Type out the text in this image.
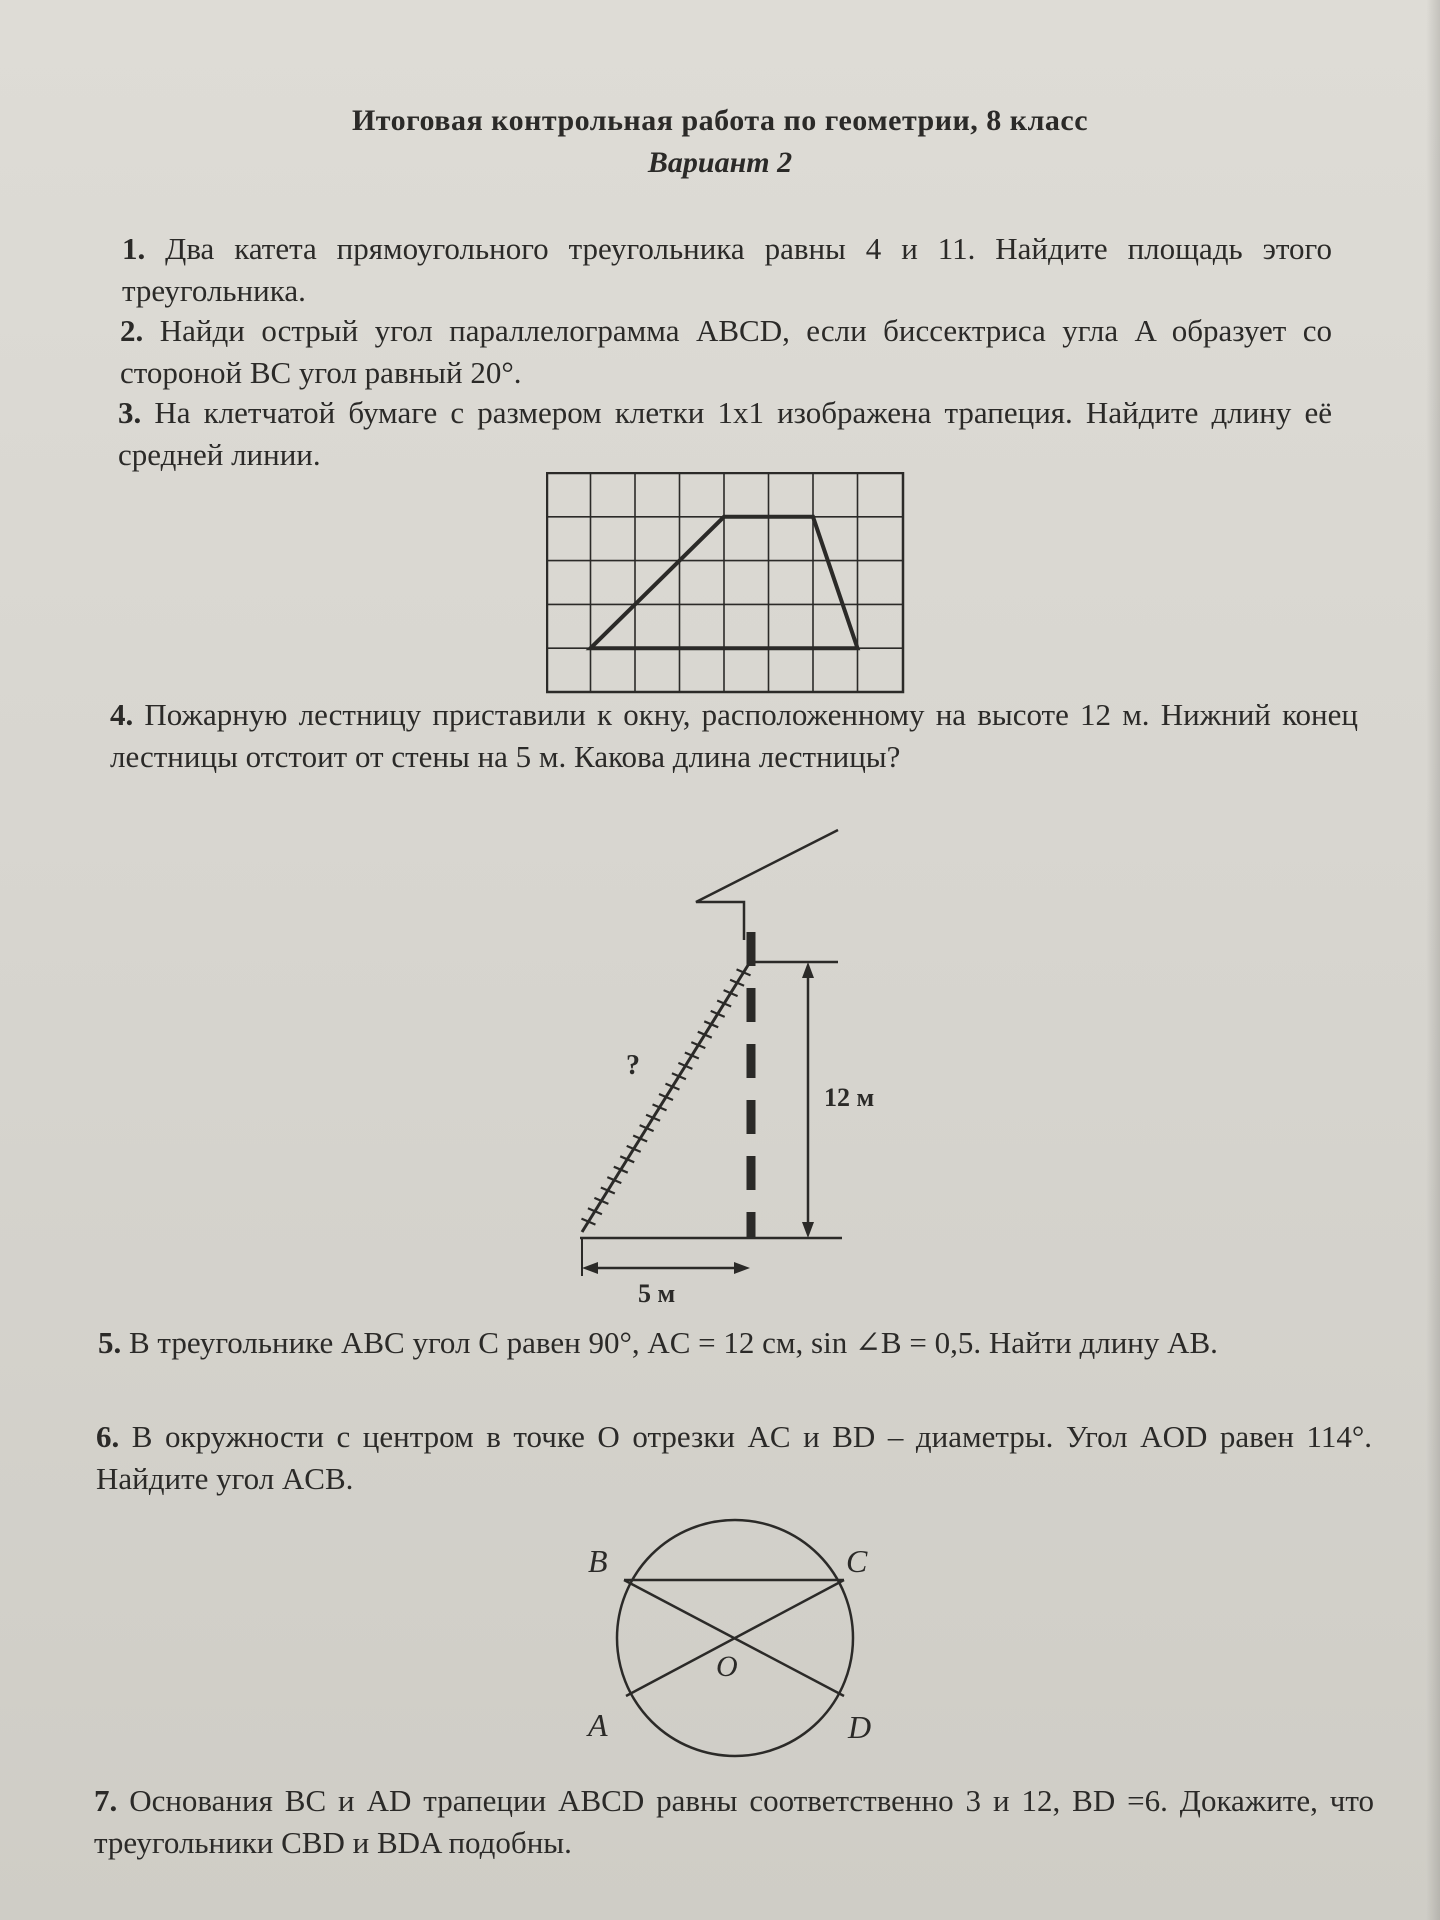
Итоговая контрольная работа по геометрии, 8 класс
Вариант 2

1. Два катета прямоугольного треугольника равны 4 и 11. Найдите площадь этого треугольника.

2. Найди острый угол параллелограмма ABCD, если биссектриса угла A образует со стороной BC угол равный 20°.

3. На клетчатой бумаге с размером клетки 1x1 изображена трапеция. Найдите длину её средней линии.

4. Пожарную лестницу приставили к окну, расположенному на высоте 12 м. Нижний конец лестницы отстоит от стены на 5 м. Какова длина лестницы?

12 м
5 м
?

5. В треугольнике ABC угол C равен 90°, AC = 12 см, sin ∠B = 0,5. Найти длину AB.

6. В окружности с центром в точке O отрезки AC и BD – диаметры. Угол AOD равен 114°. Найдите угол ACB.

B	C
O
A	D

7. Основания BC и AD трапеции ABCD равны соответственно 3 и 12, BD =6. Докажите, что треугольники CBD и BDA подобны.
